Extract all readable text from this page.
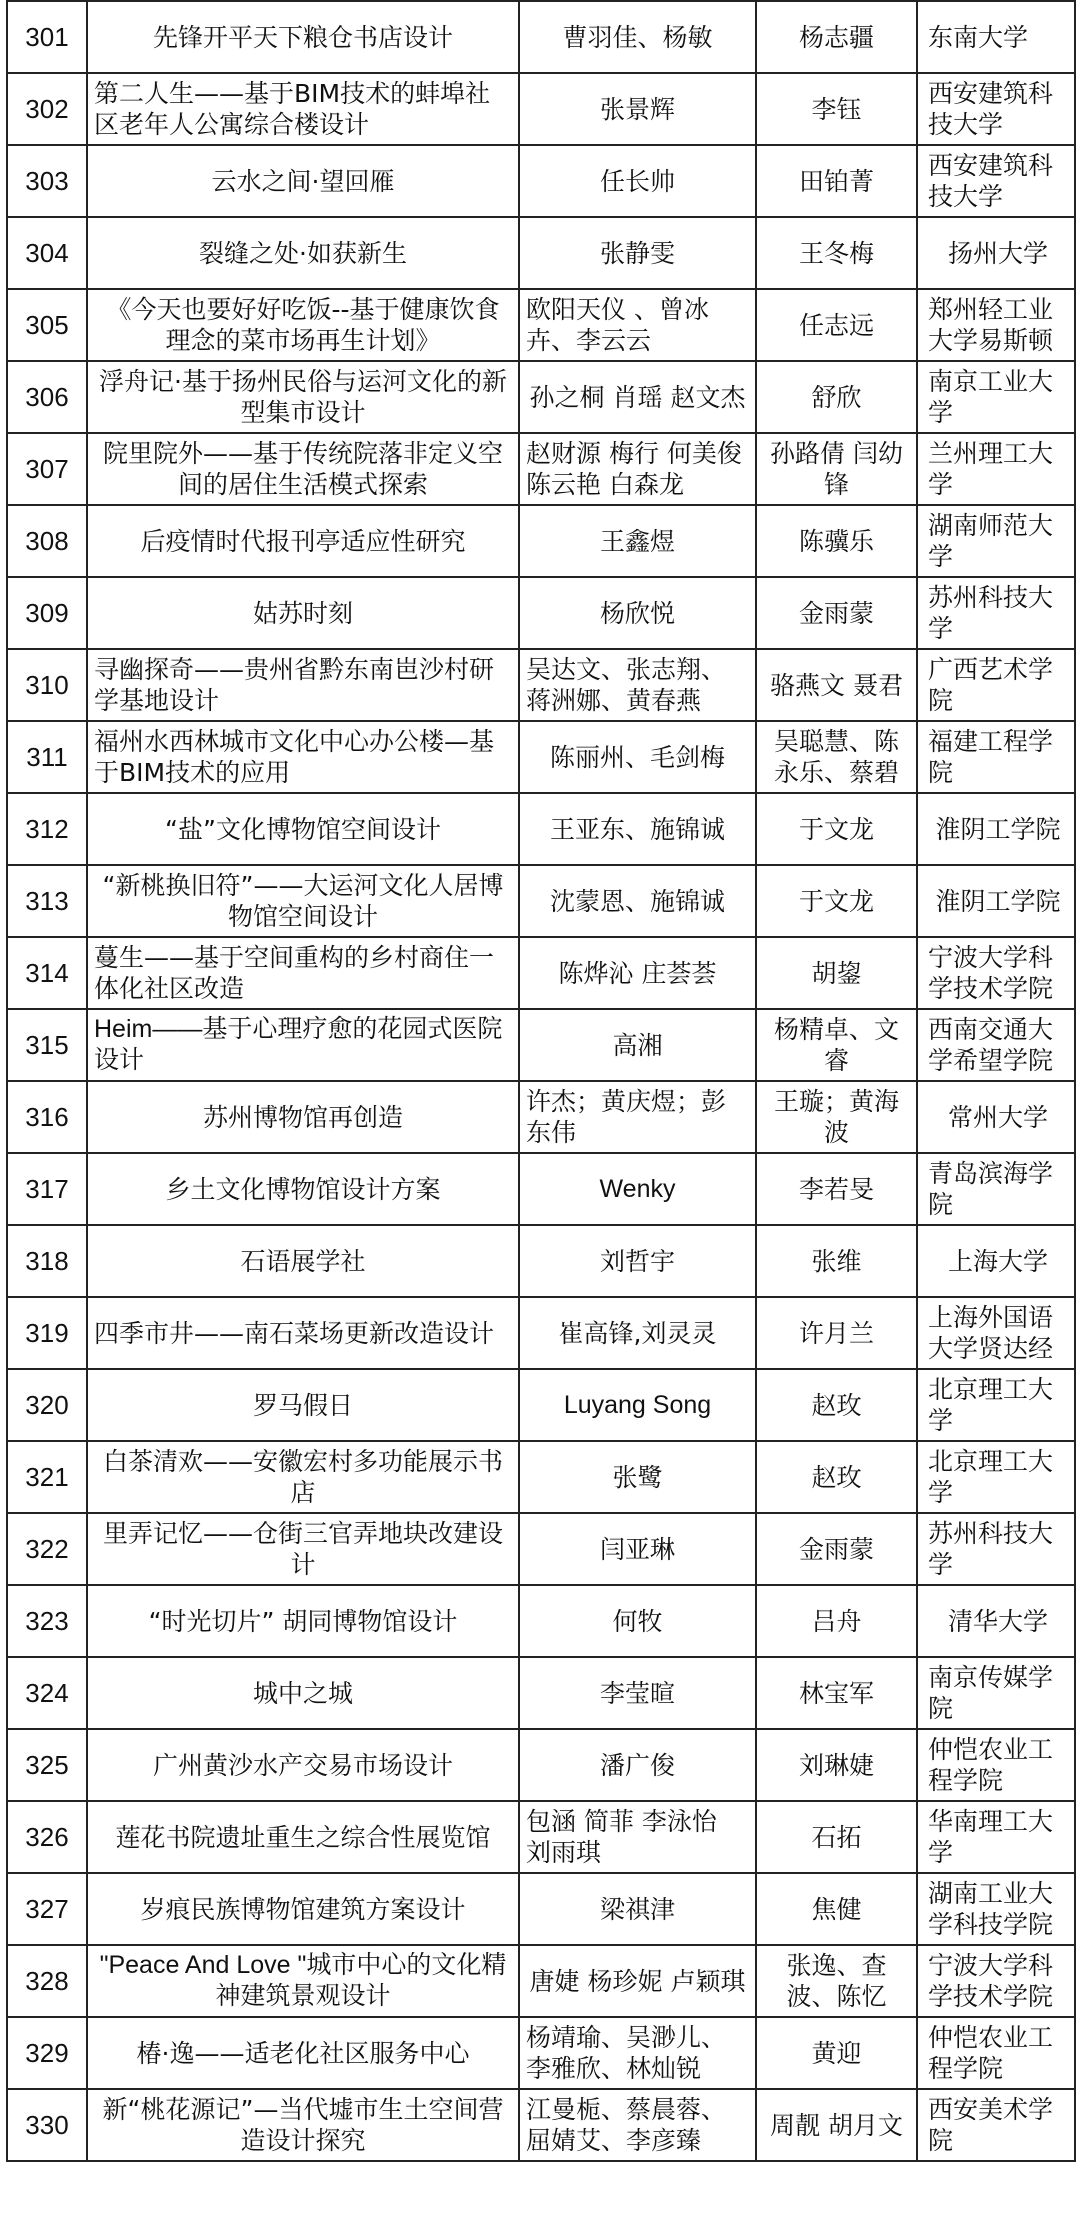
301	先锋开平天下粮仓书店设计	曹羽佳、杨敏	杨志疆	东南大学
302	第二人生——基于BIM技术的蚌埠社区老年人公寓综合楼设计	张景辉	李钰	西安建筑科技大学
303	云水之间·望回雁	任长帅	田铂菁	西安建筑科技大学
304	裂缝之处·如获新生	张静雯	王冬梅	扬州大学
305	《今天也要好好吃饭--基于健康饮食理念的菜市场再生计划》	欧阳天仪 、曾冰卉、李云云	任志远	郑州轻工业大学易斯顿
306	浮舟记·基于扬州民俗与运河文化的新型集市设计	孙之桐 肖瑶 赵文杰	舒欣	南京工业大学
307	院里院外——基于传统院落非定义空间的居住生活模式探索	赵财源 梅行 何美俊 陈云艳 白森龙	孙路倩 闫幼锋	兰州理工大学
308	后疫情时代报刊亭适应性研究	王鑫煜	陈骥乐	湖南师范大学
309	姑苏时刻	杨欣悦	金雨蒙	苏州科技大学
310	寻幽探奇——贵州省黔东南岜沙村研学基地设计	吴达文、张志翔、蒋洲娜、黄春燕	骆燕文 聂君	广西艺术学院
311	福州水西林城市文化中心办公楼—基于BIM技术的应用	陈丽州、毛剑梅	吴聪慧、陈永乐、蔡碧	福建工程学院
312	“盐”文化博物馆空间设计	王亚东、施锦诚	于文龙	淮阴工学院
313	“新桃换旧符”——大运河文化人居博物馆空间设计	沈蒙恩、施锦诚	于文龙	淮阴工学院
314	蔓生——基于空间重构的乡村商住一体化社区改造	陈烨沁 庄荟荟	胡鋆	宁波大学科学技术学院
315	Heim——基于心理疗愈的花园式医院设计	高湘	杨精卓、文睿	西南交通大学希望学院
316	苏州博物馆再创造	许杰；黄庆煜；彭东伟	王璇；黄海波	常州大学
317	乡土文化博物馆设计方案	Wenky	李若旻	青岛滨海学院
318	石语展学社	刘哲宇	张维	上海大学
319	四季市井——南石菜场更新改造设计	崔高锋,刘灵灵	许月兰	上海外国语大学贤达经
320	罗马假日	Luyang Song	赵玫	北京理工大学
321	白茶清欢——安徽宏村多功能展示书店	张鹭	赵玫	北京理工大学
322	里弄记忆——仓街三官弄地块改建设计	闫亚琳	金雨蒙	苏州科技大学
323	“时光切片” 胡同博物馆设计	何牧	吕舟	清华大学
324	城中之城	李莹暄	林宝军	南京传媒学院
325	广州黄沙水产交易市场设计	潘广俊	刘琳婕	仲恺农业工程学院
326	莲花书院遗址重生之综合性展览馆	包涵 简菲 李泳怡 刘雨琪	石拓	华南理工大学
327	岁痕民族博物馆建筑方案设计	梁祺津	焦健	湖南工业大学科技学院
328	"Peace And Love "城市中心的文化精神建筑景观设计	唐婕 杨珍妮 卢颖琪	张逸、查波、陈忆	宁波大学科学技术学院
329	椿·逸——适老化社区服务中心	杨靖瑜、吴渺儿、李雅欣、林灿锐	黄迎	仲恺农业工程学院
330	新“桃花源记”—当代墟市生土空间营造设计探究	江曼栀、蔡晨蓉、屈婧艾、李彦臻	周靓 胡月文	西安美术学院
